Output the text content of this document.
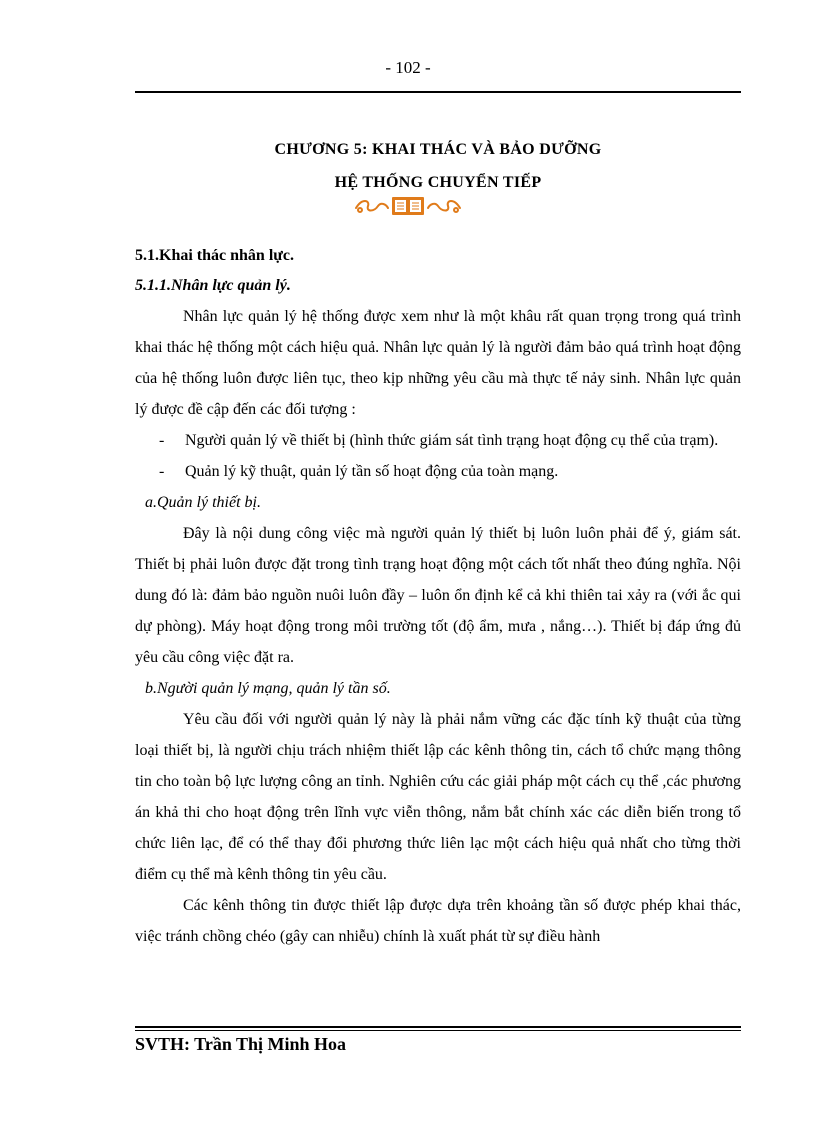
- 102 -
CHƯƠNG 5: KHAI THÁC VÀ BẢO DƯỠNG
HỆ THỐNG CHUYỂN TIẾP

5.1.Khai thác nhân lực.

5.1.1.Nhân lực quản lý.

Nhân lực quản lý hệ thống được xem như là một khâu rất quan trọng trong quá trình khai thác hệ thống một cách hiệu quả. Nhân lực quản lý là người đảm bảo quá trình hoạt động của hệ thống luôn được liên tục, theo kịp những yêu cầu mà thực tế nảy sinh. Nhân lực quản lý được đề cập đến các đối tượng :

-	Người quản lý về thiết bị (hình thức giám sát tình trạng hoạt động cụ thể của trạm).
-	Quản lý kỹ thuật, quản lý tần số hoạt động của toàn mạng.

a.Quản lý thiết bị.

Đây là nội dung công việc mà người quản lý thiết bị luôn luôn phải để ý, giám sát. Thiết bị phải luôn được đặt trong tình trạng hoạt động một cách tốt nhất theo đúng nghĩa. Nội dung đó là: đảm bảo nguồn nuôi luôn đầy – luôn ổn định kể cả khi thiên tai xảy ra (với ắc qui dự phòng). Máy hoạt động trong môi trường tốt (độ ẩm, mưa , nắng…). Thiết bị đáp ứng đủ yêu cầu công việc đặt ra.

b.Người quản lý mạng, quản lý tần số.

Yêu cầu đối với người quản lý này là phải nắm vững các đặc tính kỹ thuật của từng loại thiết bị, là người chịu trách nhiệm thiết lập các kênh thông tin, cách tổ chức mạng thông tin cho toàn bộ lực lượng công an tỉnh. Nghiên cứu các giải pháp một cách cụ thể ,các phương án khả thi cho hoạt động trên lĩnh vực viễn thông, nắm bắt chính xác các diễn biến trong tổ chức liên lạc, để có thể thay đổi phương thức liên lạc một cách hiệu quả nhất cho từng thời điểm cụ thể mà kênh thông tin yêu cầu.

Các kênh thông tin được thiết lập được dựa trên khoảng tần số được phép khai thác, việc tránh chồng chéo (gây can nhiễu) chính là xuất phát từ sự điều hành

SVTH: Trần Thị Minh Hoa
